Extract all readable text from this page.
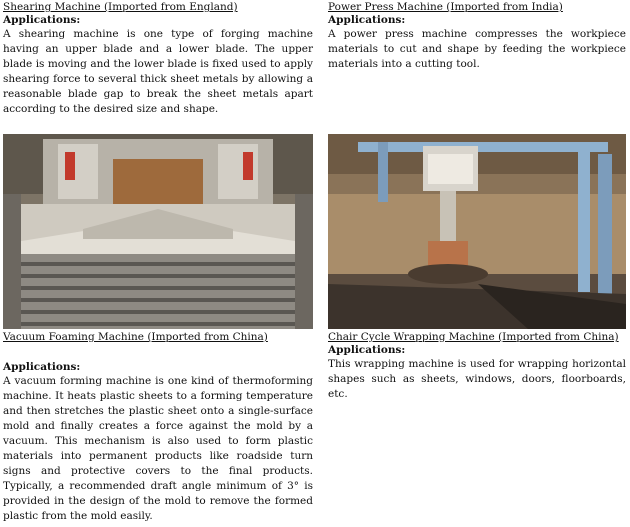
Shearing Machine (Imported from England)
Applications:
A shearing machine is one type of forging machine having an upper blade and a lower blade. The upper blade is moving and the lower blade is fixed used to apply shearing force to several thick sheet metals by allowing a reasonable blade gap to break the sheet metals apart according to the desired size and shape.
Power Press Machine (Imported from India)
Applications:
A power press machine compresses the workpiece materials to cut and shape by feeding the workpiece materials into a cutting tool.
Vacuum Foaming Machine (Imported from China)
Applications:
A vacuum forming machine is one kind of thermoforming machine. It heats plastic sheets to a forming temperature and then stretches the plastic sheet onto a single-surface mold and finally creates a force against the mold by a vacuum. This mechanism is also used to form plastic materials into permanent products like roadside turn signs and protective covers to the final products. Typically, a recommended draft angle minimum of 3° is provided in the design of the mold to remove the formed plastic from the mold easily.
Chair Cycle Wrapping Machine (Imported from China)
Applications:
This wrapping machine is used for wrapping horizontal shapes such as sheets, windows, doors, floorboards, etc.
